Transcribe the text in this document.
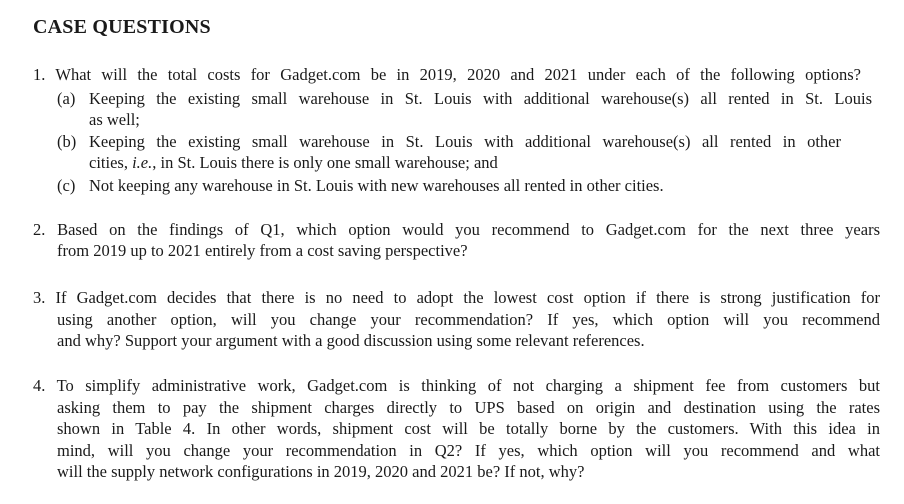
CASE QUESTIONS
1. What will the total costs for Gadget.com be in 2019, 2020 and 2021 under each of the following options?
(a) Keeping the existing small warehouse in St. Louis with additional warehouse(s) all rented in St. Louis
as well;
(b) Keeping the existing small warehouse in St. Louis with additional warehouse(s) all rented in other
cities, i.e., in St. Louis there is only one small warehouse; and
(c) Not keeping any warehouse in St. Louis with new warehouses all rented in other cities.
2. Based on the findings of Q1, which option would you recommend to Gadget.com for the next three years
from 2019 up to 2021 entirely from a cost saving perspective?
3. If Gadget.com decides that there is no need to adopt the lowest cost option if there is strong justification for
using another option, will you change your recommendation? If yes, which option will you recommend
and why? Support your argument with a good discussion using some relevant references.
4. To simplify administrative work, Gadget.com is thinking of not charging a shipment fee from customers but
asking them to pay the shipment charges directly to UPS based on origin and destination using the rates
shown in Table 4. In other words, shipment cost will be totally borne by the customers. With this idea in
mind, will you change your recommendation in Q2? If yes, which option will you recommend and what
will the supply network configurations in 2019, 2020 and 2021 be? If not, why?
